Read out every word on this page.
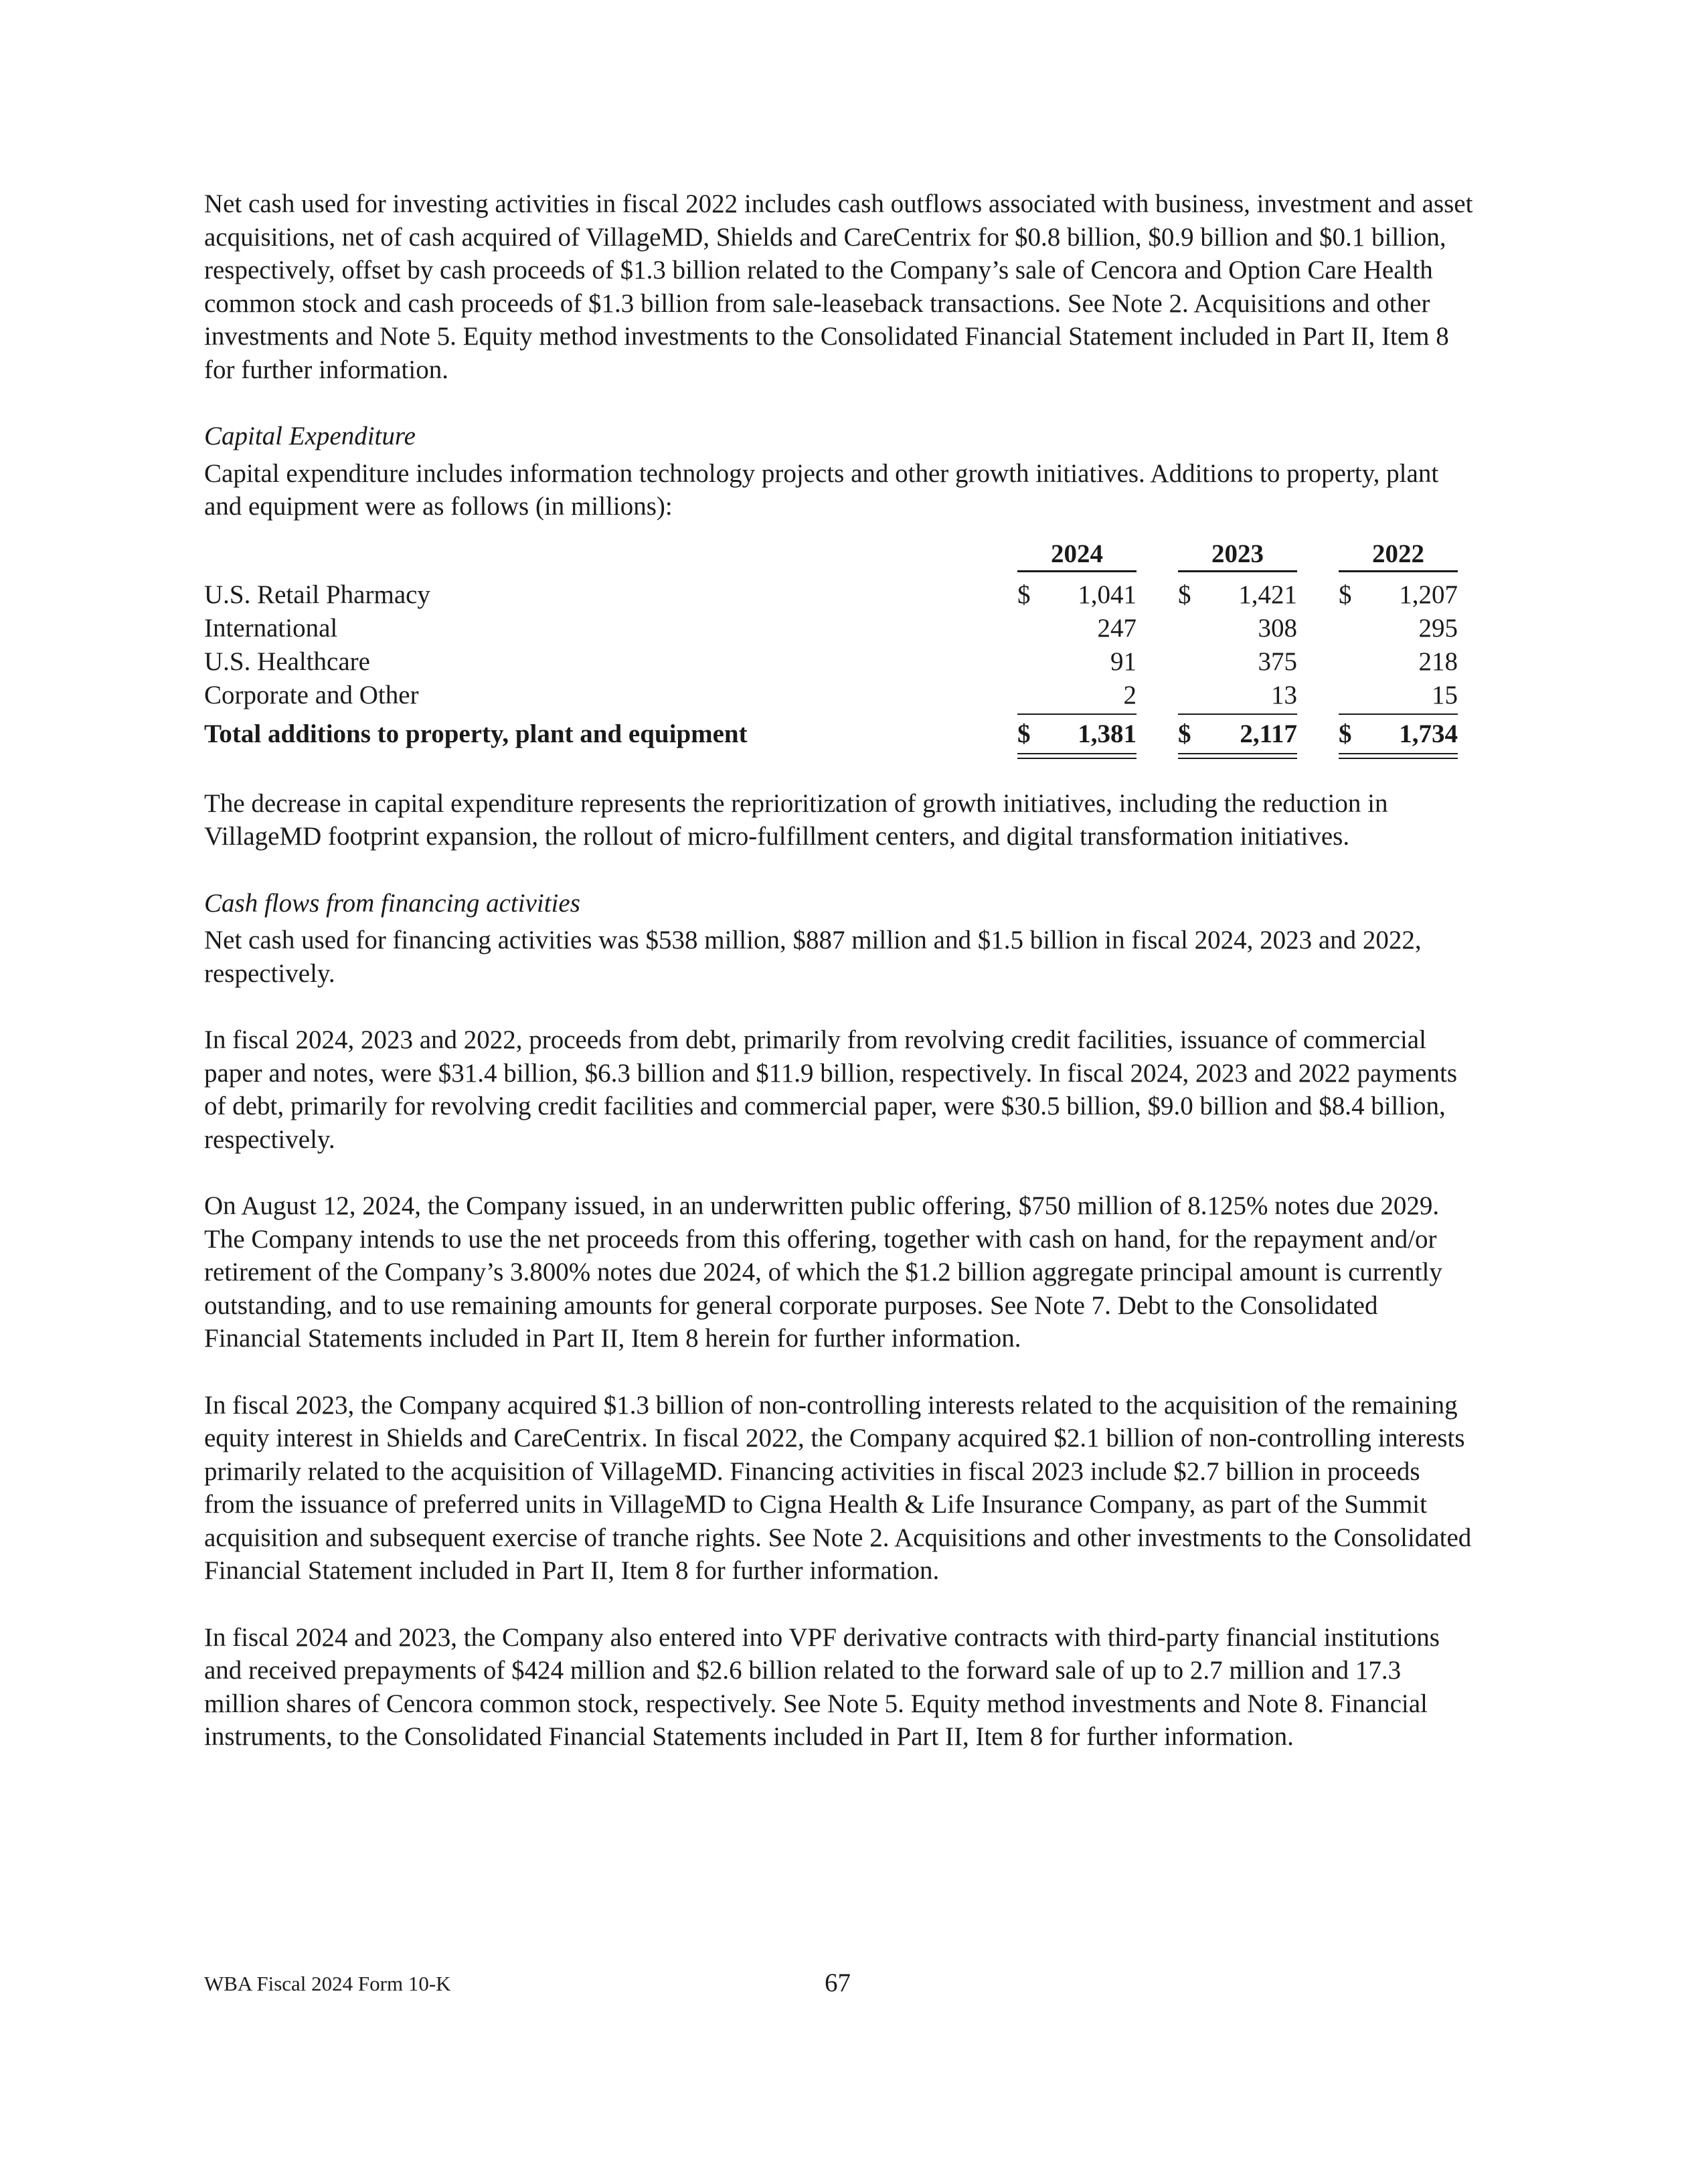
Net cash used for investing activities in fiscal 2022 includes cash outflows associated with business, investment and asset acquisitions, net of cash acquired of VillageMD, Shields and CareCentrix for $0.8 billion, $0.9 billion and $0.1 billion, respectively, offset by cash proceeds of $1.3 billion related to the Company’s sale of Cencora and Option Care Health common stock and cash proceeds of $1.3 billion from sale-leaseback transactions. See Note 2. Acquisitions and other investments and Note 5. Equity method investments to the Consolidated Financial Statement included in Part II, Item 8 for further information.

Capital Expenditure

Capital expenditure includes information technology projects and other growth initiatives. Additions to property, plant and equipment were as follows (in millions):

2024	2023	2022
U.S. Retail Pharmacy	$	1,041 $	1,421 $	1,207
International	247	308	295
U.S. Healthcare	91	375	218
Corporate and Other	2	13	15
Total additions to property, plant and equipment	$	1,381 $	2,117 $	1,734

The decrease in capital expenditure represents the reprioritization of growth initiatives, including the reduction in VillageMD footprint expansion, the rollout of micro-fulfillment centers, and digital transformation initiatives.

Cash flows from financing activities

Net cash used for financing activities was $538 million, $887 million and $1.5 billion in fiscal 2024, 2023 and 2022, respectively.

In fiscal 2024, 2023 and 2022, proceeds from debt, primarily from revolving credit facilities, issuance of commercial paper and notes, were $31.4 billion, $6.3 billion and $11.9 billion, respectively. In fiscal 2024, 2023 and 2022 payments of debt, primarily for revolving credit facilities and commercial paper, were $30.5 billion, $9.0 billion and $8.4 billion, respectively.

On August 12, 2024, the Company issued, in an underwritten public offering, $750 million of 8.125% notes due 2029. The Company intends to use the net proceeds from this offering, together with cash on hand, for the repayment and/or retirement of the Company’s 3.800% notes due 2024, of which the $1.2 billion aggregate principal amount is currently outstanding, and to use remaining amounts for general corporate purposes. See Note 7. Debt to the Consolidated Financial Statements included in Part II, Item 8 herein for further information.

In fiscal 2023, the Company acquired $1.3 billion of non-controlling interests related to the acquisition of the remaining equity interest in Shields and CareCentrix. In fiscal 2022, the Company acquired $2.1 billion of non-controlling interests primarily related to the acquisition of VillageMD. Financing activities in fiscal 2023 include $2.7 billion in proceeds from the issuance of preferred units in VillageMD to Cigna Health & Life Insurance Company, as part of the Summit acquisition and subsequent exercise of tranche rights. See Note 2. Acquisitions and other investments to the Consolidated Financial Statement included in Part II, Item 8 for further information.

In fiscal 2024 and 2023, the Company also entered into VPF derivative contracts with third-party financial institutions and received prepayments of $424 million and $2.6 billion related to the forward sale of up to 2.7 million and 17.3 million shares of Cencora common stock, respectively. See Note 5. Equity method investments and Note 8. Financial instruments, to the Consolidated Financial Statements included in Part II, Item 8 for further information.

WBA Fiscal 2024 Form 10-K	67
